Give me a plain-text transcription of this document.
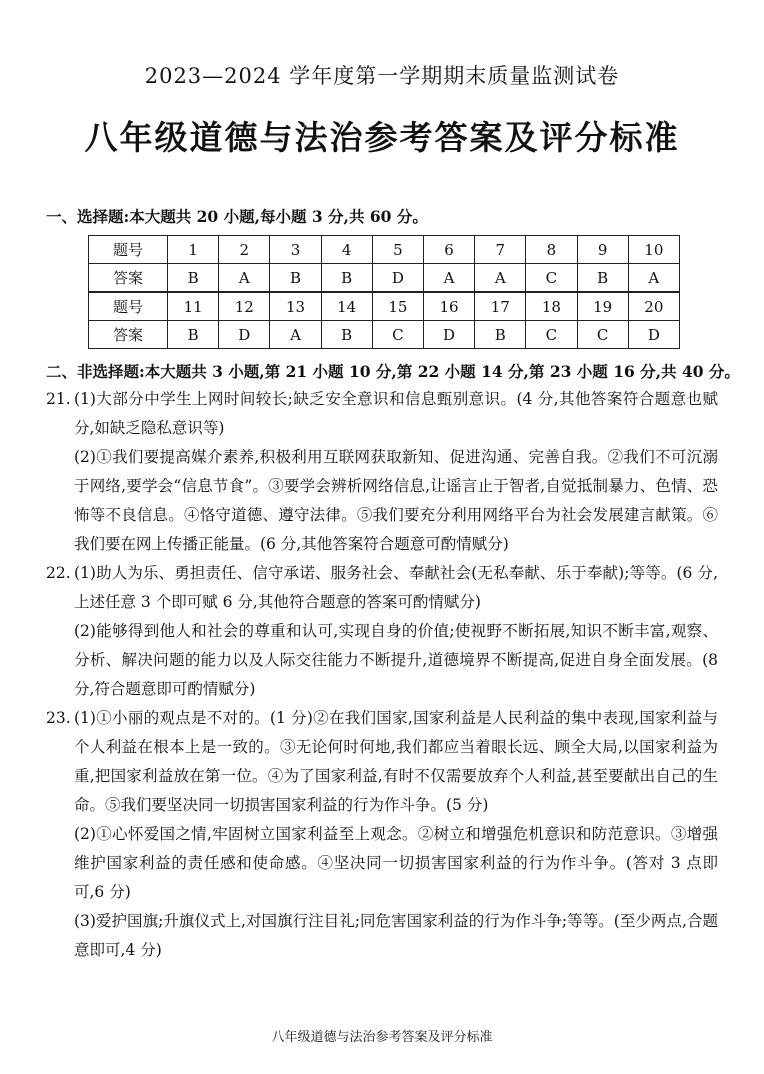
2023—2024 学年度第一学期期末质量监测试卷
八年级道德与法治参考答案及评分标准
一、选择题:本大题共 20 小题,每小题 3 分,共 60 分。
题号	1	2	3	4	5	6	7	8	9	10
答案	B	A	B	B	D	A	A	C	B	A
题号	11	12	13	14	15	16	17	18	19	20
答案	B	D	A	B	C	D	B	C	C	D
二、非选择题:本大题共 3 小题,第 21 小题 10 分,第 22 小题 14 分,第 23 小题 16 分,共 40 分。
21. (1)大部分中学生上网时间较长;缺乏安全意识和信息甄别意识。(4 分,其他答案符合题意也赋分,如缺乏隐私意识等)

(2)①我们要提高媒介素养,积极利用互联网获取新知、促进沟通、完善自我。②我们不可沉溺于网络,要学会“信息节食”。③要学会辨析网络信息,让谣言止于智者,自觉抵制暴力、色情、恐怖等不良信息。④恪守道德、遵守法律。⑤我们要充分利用网络平台为社会发展建言献策。⑥我们要在网上传播正能量。(6 分,其他答案符合题意可酌情赋分)

22. (1)助人为乐、勇担责任、信守承诺、服务社会、奉献社会(无私奉献、乐于奉献);等等。(6 分,上述任意 3 个即可赋 6 分,其他符合题意的答案可酌情赋分)

(2)能够得到他人和社会的尊重和认可,实现自身的价值;使视野不断拓展,知识不断丰富,观察、分析、解决问题的能力以及人际交往能力不断提升,道德境界不断提高,促进自身全面发展。(8 分,符合题意即可酌情赋分)

23. (1)①小丽的观点是不对的。(1 分)②在我们国家,国家利益是人民利益的集中表现,国家利益与个人利益在根本上是一致的。③无论何时何地,我们都应当着眼长远、顾全大局,以国家利益为重,把国家利益放在第一位。④为了国家利益,有时不仅需要放弃个人利益,甚至要献出自己的生命。⑤我们要坚决同一切损害国家利益的行为作斗争。(5 分)

(2)①心怀爱国之情,牢固树立国家利益至上观念。②树立和增强危机意识和防范意识。③增强维护国家利益的责任感和使命感。④坚决同一切损害国家利益的行为作斗争。(答对 3 点即可,6 分)

(3)爱护国旗;升旗仪式上,对国旗行注目礼;同危害国家利益的行为作斗争;等等。(至少两点,合题意即可,4 分)

八年级道德与法治参考答案及评分标准
